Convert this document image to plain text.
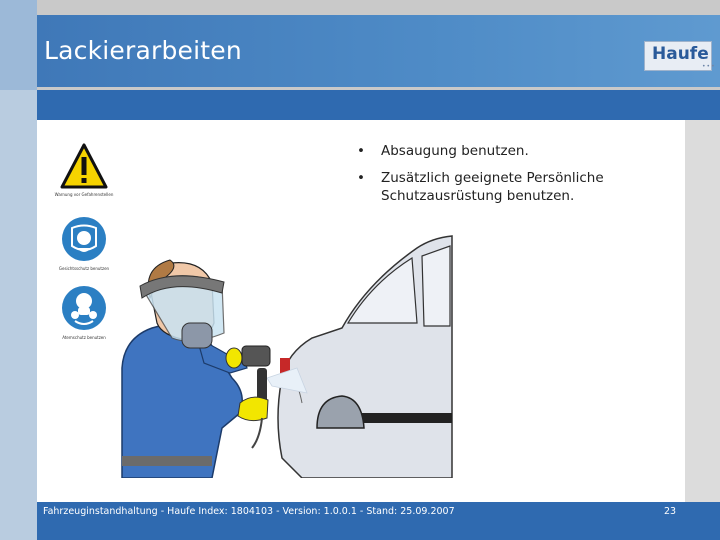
Lackierarbeiten	Haufe
•••
• Absaugung benutzen.
• Zusätzlich geeignete Persönliche Schutzausrüstung benutzen.
Warnung vor Gefahrenstellen
Gesichtsschutz benutzen
Atemschutz benutzen
Fahrzeuginstandhaltung - Haufe Index: 1804103 - Version: 1.0.0.1 - Stand: 25.09.2007	23
